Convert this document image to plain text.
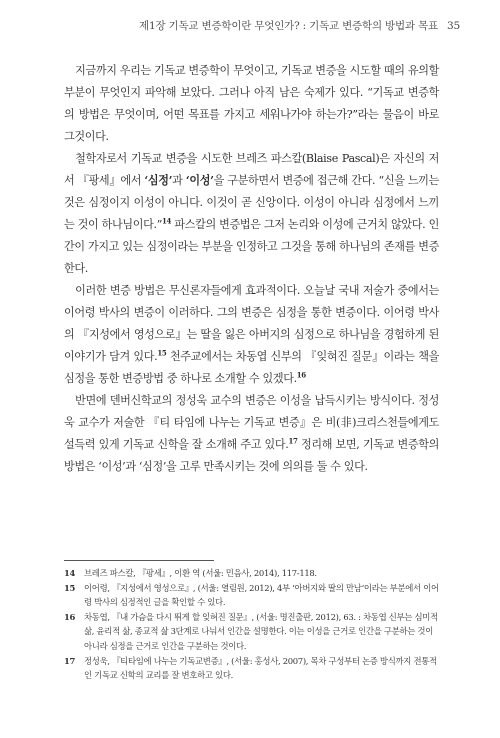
제1장 기독교 변증학이란 무엇인가? : 기독교 변증학의 방법과 목표 35

지금까지 우리는 기독교 변증학이 무엇이고, 기독교 변증을 시도할 때의 유의할 부분이 무엇인지 파악해 보았다. 그러나 아직 남은 숙제가 있다. “기독교 변증학의 방법은 무엇이며, 어떤 목표를 가지고 세워나가야 하는가?”라는 물음이 바로 그것이다.

철학자로서 기독교 변증을 시도한 브레즈 파스칼(Blaise Pascal)은 자신의 저서 『팡세』에서 ‘심정’과 ‘이성’을 구분하면서 변증에 접근해 간다. “신을 느끼는 것은 심정이지 이성이 아니다. 이것이 곧 신앙이다. 이성이 아니라 심정에서 느끼는 것이 하나님이다.”$^{14}$ 파스칼의 변증법은 그저 논리와 이성에 근거치 않았다. 인간이 가지고 있는 심정이라는 부분을 인정하고 그것을 통해 하나님의 존재를 변증한다.

이러한 변증 방법은 무신론자들에게 효과적이다. 오늘날 국내 저술가 중에서는 이어령 박사의 변증이 이러하다. 그의 변증은 심정을 통한 변증이다. 이어령 박사의 『지성에서 영성으로』는 딸을 잃은 아버지의 심정으로 하나님을 경험하게 된 이야기가 담겨 있다.$^{15}$ 천주교에서는 차동엽 신부의 『잊혀진 질문』이라는 책을 심정을 통한 변증방법 중 하나로 소개할 수 있겠다.$^{16}$

반면에 덴버신학교의 정성욱 교수의 변증은 이성을 납득시키는 방식이다. 정성욱 교수가 저술한 『티 타임에 나누는 기독교 변증』은 비(非)크리스천들에게도 설득력 있게 기독교 신학을 잘 소개해 주고 있다.$^{17}$ 정리해 보면, 기독교 변증학의 방법은 ‘이성’과 ‘심정’을 고루 만족시키는 것에 의의를 둘 수 있다.

14	브레즈 파스칼, 『팡세』, 이환 역 (서울: 민음사, 2014), 117-118.
15	이어령, 『지성에서 영성으로』, (서울: 열림원, 2012), 4부 ‘아버지와 딸의 만남’이라는 부분에서 이어령 박사의 심정적인 글을 확인할 수 있다.
16	차동엽, 『내 가슴을 다시 뛰게 할 잊혀진 질문』, (서울: 명진출판, 2012), 63. : 차동엽 신부는 심미적 삶, 윤리적 삶, 종교적 삶 3단계로 나눠서 인간을 설명한다. 이는 이성을 근거로 인간을 구분하는 것이 아니라 심정을 근거로 인간을 구분하는 것이다.
17	정성욱, 『티타임에 나누는 기독교변증』, (서울: 홍성사, 2007), 목차 구성부터 논증 방식까지 전통적인 기독교 신학의 교리를 잘 변호하고 있다.
